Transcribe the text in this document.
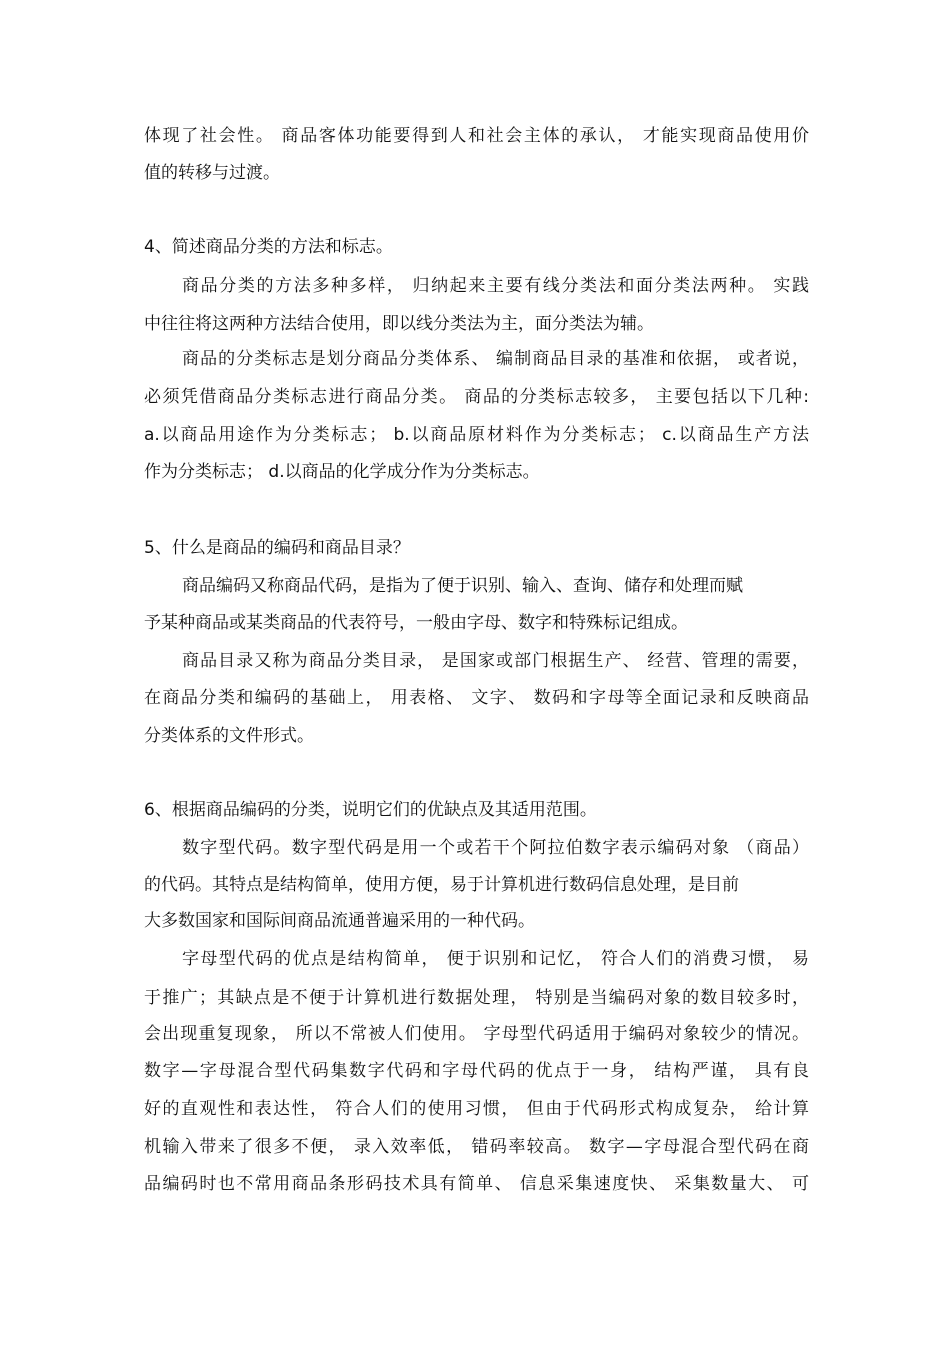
体现了社会性。 商品客体功能要得到人和社会主体的承认， 才能实现商品使用价
值的转移与过渡。
4、简述商品分类的方法和标志。
商品分类的方法多种多样， 归纳起来主要有线分类法和面分类法两种。 实践
中往往将这两种方法结合使用，即以线分类法为主，面分类法为辅。
商品的分类标志是划分商品分类体系、 编制商品目录的基准和依据， 或者说，
必须凭借商品分类标志进行商品分类。 商品的分类标志较多， 主要包括以下几种:
a.以商品用途作为分类标志； b.以商品原材料作为分类标志； c.以商品生产方法
作为分类标志； d.以商品的化学成分作为分类标志。
5、什么是商品的编码和商品目录？
商品编码又称商品代码，是指为了便于识别、输入、查询、储存和处理而赋
予某种商品或某类商品的代表符号，一般由字母、数字和特殊标记组成。
商品目录又称为商品分类目录， 是国家或部门根据生产、 经营、管理的需要，
在商品分类和编码的基础上， 用表格、 文字、 数码和字母等全面记录和反映商品
分类体系的文件形式。
6、根据商品编码的分类，说明它们的优缺点及其适用范围。
数字型代码。数字型代码是用一个或若干个阿拉伯数字表示编码对象 （商品）
的代码。其特点是结构简单，使用方便，易于计算机进行数码信息处理，是目前
大多数国家和国际间商品流通普遍采用的一种代码。
字母型代码的优点是结构简单， 便于识别和记忆， 符合人们的消费习惯， 易
于推广；其缺点是不便于计算机进行数据处理， 特别是当编码对象的数目较多时，
会出现重复现象， 所以不常被人们使用。 字母型代码适用于编码对象较少的情况。
数字—字母混合型代码集数字代码和字母代码的优点于一身， 结构严谨， 具有良
好的直观性和表达性， 符合人们的使用习惯， 但由于代码形式构成复杂， 给计算
机输入带来了很多不便， 录入效率低， 错码率较高。 数字—字母混合型代码在商
品编码时也不常用商品条形码技术具有简单、 信息采集速度快、 采集数量大、 可
